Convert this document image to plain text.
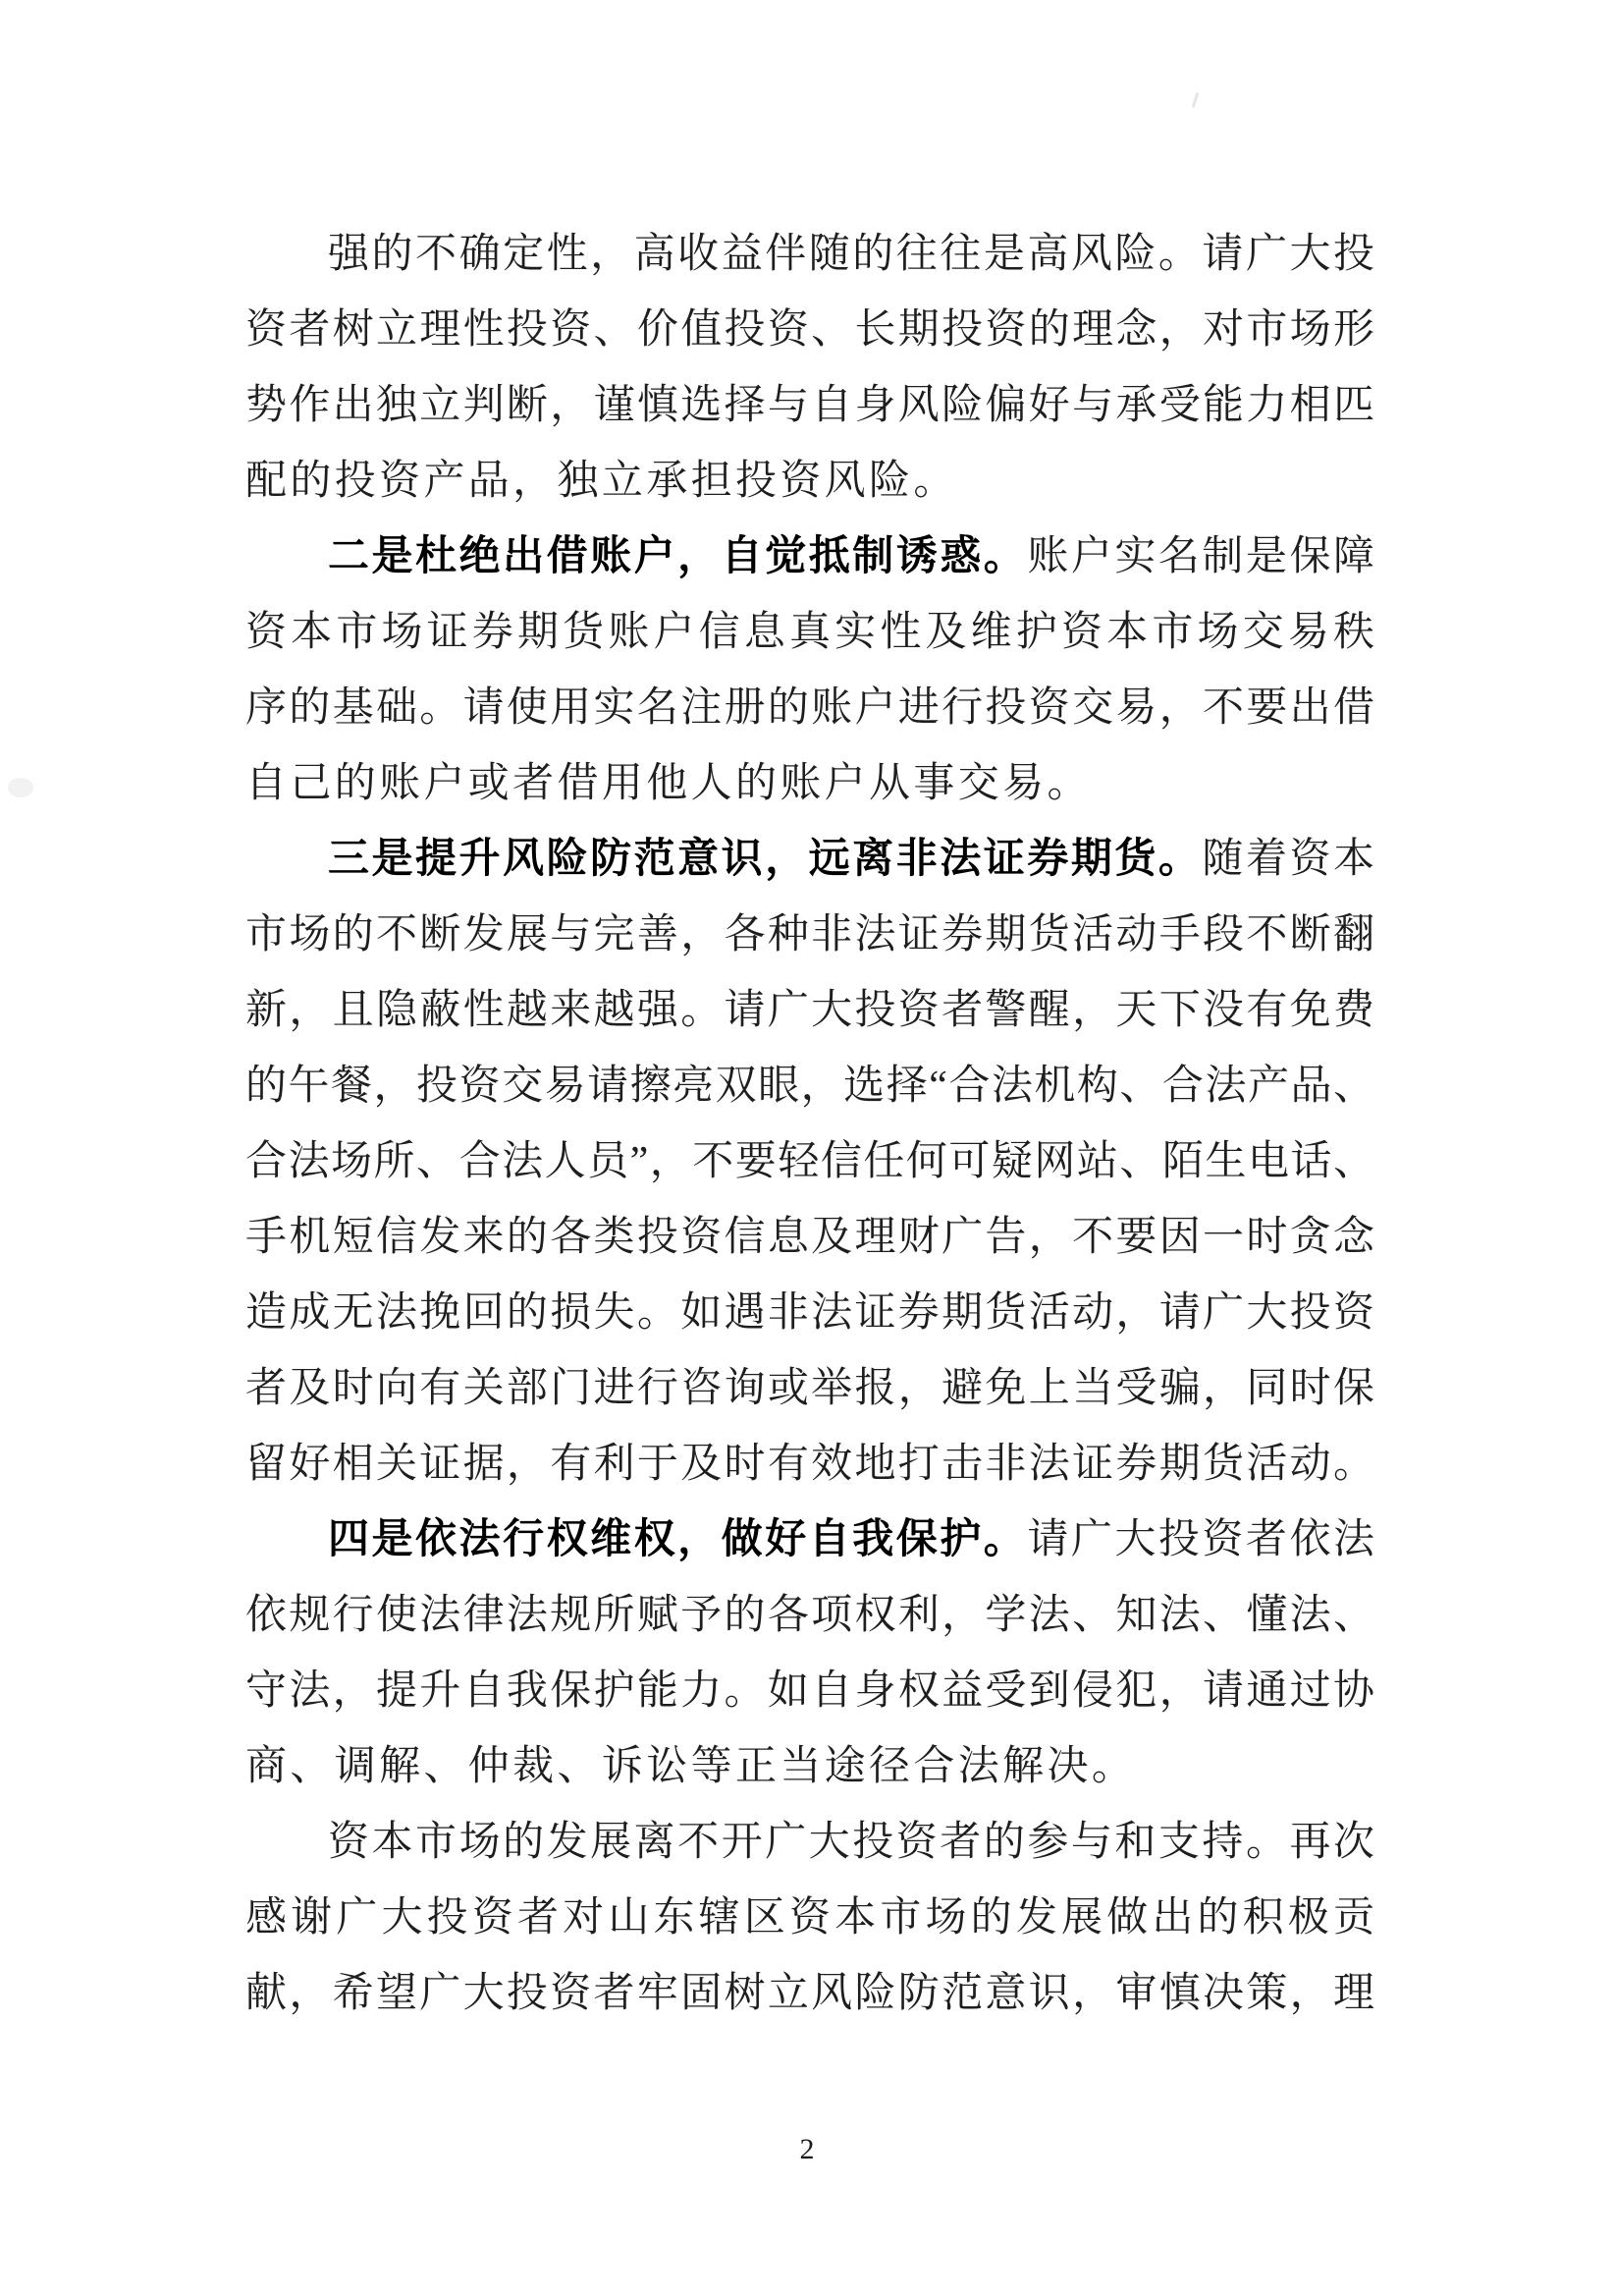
强的不确定性，高收益伴随的往往是高风险。请广大投
资者树立理性投资、价值投资、长期投资的理念，对市场形
势作出独立判断，谨慎选择与自身风险偏好与承受能力相匹
配的投资产品，独立承担投资风险。
二是杜绝出借账户，自觉抵制诱惑。账户实名制是保障
资本市场证券期货账户信息真实性及维护资本市场交易秩
序的基础。请使用实名注册的账户进行投资交易，不要出借
自己的账户或者借用他人的账户从事交易。
三是提升风险防范意识，远离非法证券期货。随着资本
市场的不断发展与完善，各种非法证券期货活动手段不断翻
新，且隐蔽性越来越强。请广大投资者警醒，天下没有免费
的午餐，投资交易请擦亮双眼，选择“合法机构、合法产品、
合法场所、合法人员”，不要轻信任何可疑网站、陌生电话、
手机短信发来的各类投资信息及理财广告，不要因一时贪念
造成无法挽回的损失。如遇非法证券期货活动，请广大投资
者及时向有关部门进行咨询或举报，避免上当受骗，同时保
留好相关证据，有利于及时有效地打击非法证券期货活动。
四是依法行权维权，做好自我保护。请广大投资者依法
依规行使法律法规所赋予的各项权利，学法、知法、懂法、
守法，提升自我保护能力。如自身权益受到侵犯，请通过协
商、调解、仲裁、诉讼等正当途径合法解决。
资本市场的发展离不开广大投资者的参与和支持。再次
感谢广大投资者对山东辖区资本市场的发展做出的积极贡
献，希望广大投资者牢固树立风险防范意识，审慎决策，理
2
